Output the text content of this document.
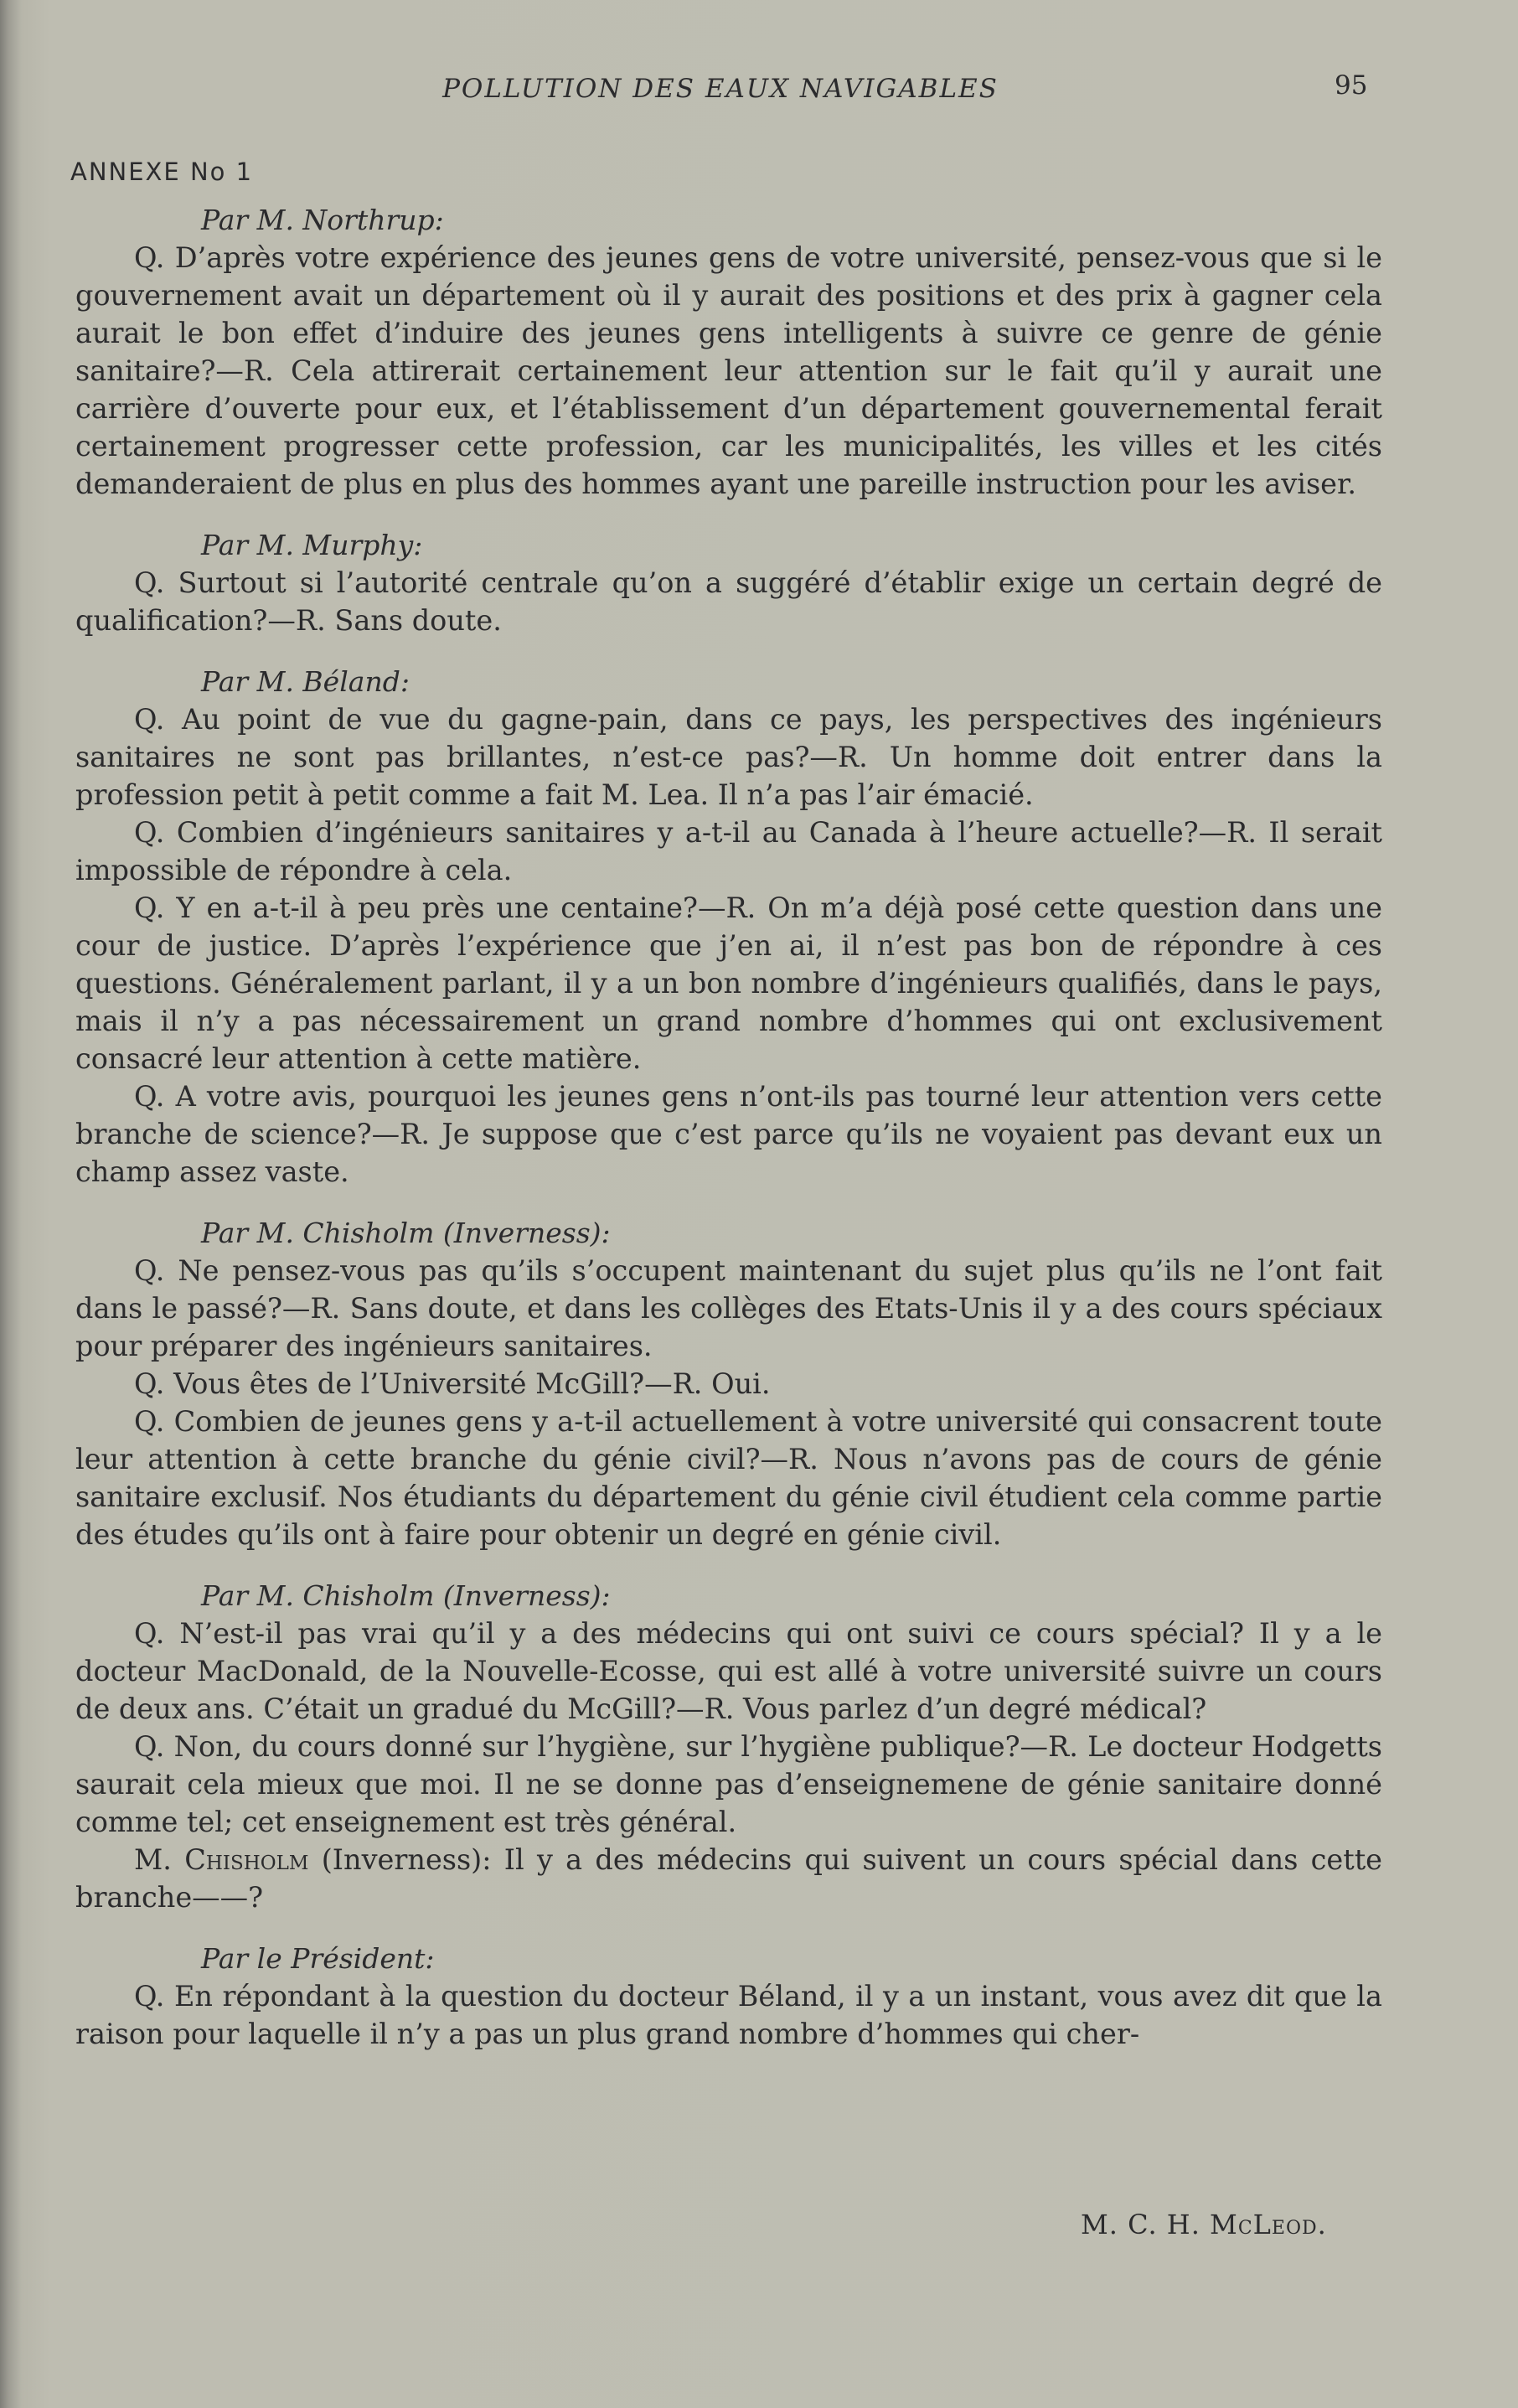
POLLUTION DES EAUX NAVIGABLES	95
ANNEXE No 1

Par M. Northrup:

Q. D’après votre expérience des jeunes gens de votre université, pensez-vous que si le gouvernement avait un département où il y aurait des positions et des prix à gagner cela aurait le bon effet d’induire des jeunes gens intelligents à suivre ce genre de génie sanitaire?—R. Cela attirerait certainement leur attention sur le fait qu’il y aurait une carrière d’ouverte pour eux, et l’établissement d’un département gouvernemental ferait certainement progresser cette profession, car les municipalités, les villes et les cités demanderaient de plus en plus des hommes ayant une pareille instruction pour les aviser.

Par M. Murphy:

Q. Surtout si l’autorité centrale qu’on a suggéré d’établir exige un certain degré de qualification?—R. Sans doute.

Par M. Béland:

Q. Au point de vue du gagne-pain, dans ce pays, les perspectives des ingénieurs sanitaires ne sont pas brillantes, n’est-ce pas?—R. Un homme doit entrer dans la profession petit à petit comme a fait M. Lea. Il n’a pas l’air émacié.

Q. Combien d’ingénieurs sanitaires y a-t-il au Canada à l’heure actuelle?—R. Il serait impossible de répondre à cela.

Q. Y en a-t-il à peu près une centaine?—R. On m’a déjà posé cette question dans une cour de justice. D’après l’expérience que j’en ai, il n’est pas bon de répondre à ces questions. Généralement parlant, il y a un bon nombre d’ingénieurs qualifiés, dans le pays, mais il n’y a pas nécessairement un grand nombre d’hommes qui ont exclusivement consacré leur attention à cette matière.

Q. A votre avis, pourquoi les jeunes gens n’ont-ils pas tourné leur attention vers cette branche de science?—R. Je suppose que c’est parce qu’ils ne voyaient pas devant eux un champ assez vaste.

Par M. Chisholm (Inverness):

Q. Ne pensez-vous pas qu’ils s’occupent maintenant du sujet plus qu’ils ne l’ont fait dans le passé?—R. Sans doute, et dans les collèges des Etats-Unis il y a des cours spéciaux pour préparer des ingénieurs sanitaires.

Q. Vous êtes de l’Université McGill?—R. Oui.

Q. Combien de jeunes gens y a-t-il actuellement à votre université qui consacrent toute leur attention à cette branche du génie civil?—R. Nous n’avons pas de cours de génie sanitaire exclusif. Nos étudiants du département du génie civil étudient cela comme partie des études qu’ils ont à faire pour obtenir un degré en génie civil.

Par M. Chisholm (Inverness):

Q. N’est-il pas vrai qu’il y a des médecins qui ont suivi ce cours spécial? Il y a le docteur MacDonald, de la Nouvelle-Ecosse, qui est allé à votre université suivre un cours de deux ans. C’était un gradué du McGill?—R. Vous parlez d’un degré médical?

Q. Non, du cours donné sur l’hygiène, sur l’hygiène publique?—R. Le docteur Hodgetts saurait cela mieux que moi. Il ne se donne pas d’enseignemene de génie sanitaire donné comme tel; cet enseignement est très général.

M. Chisholm (Inverness): Il y a des médecins qui suivent un cours spécial dans cette branche——?

Par le Président:

Q. En répondant à la question du docteur Béland, il y a un instant, vous avez dit que la raison pour laquelle il n’y a pas un plus grand nombre d’hommes qui cher-

M. C. H. McLeod.
